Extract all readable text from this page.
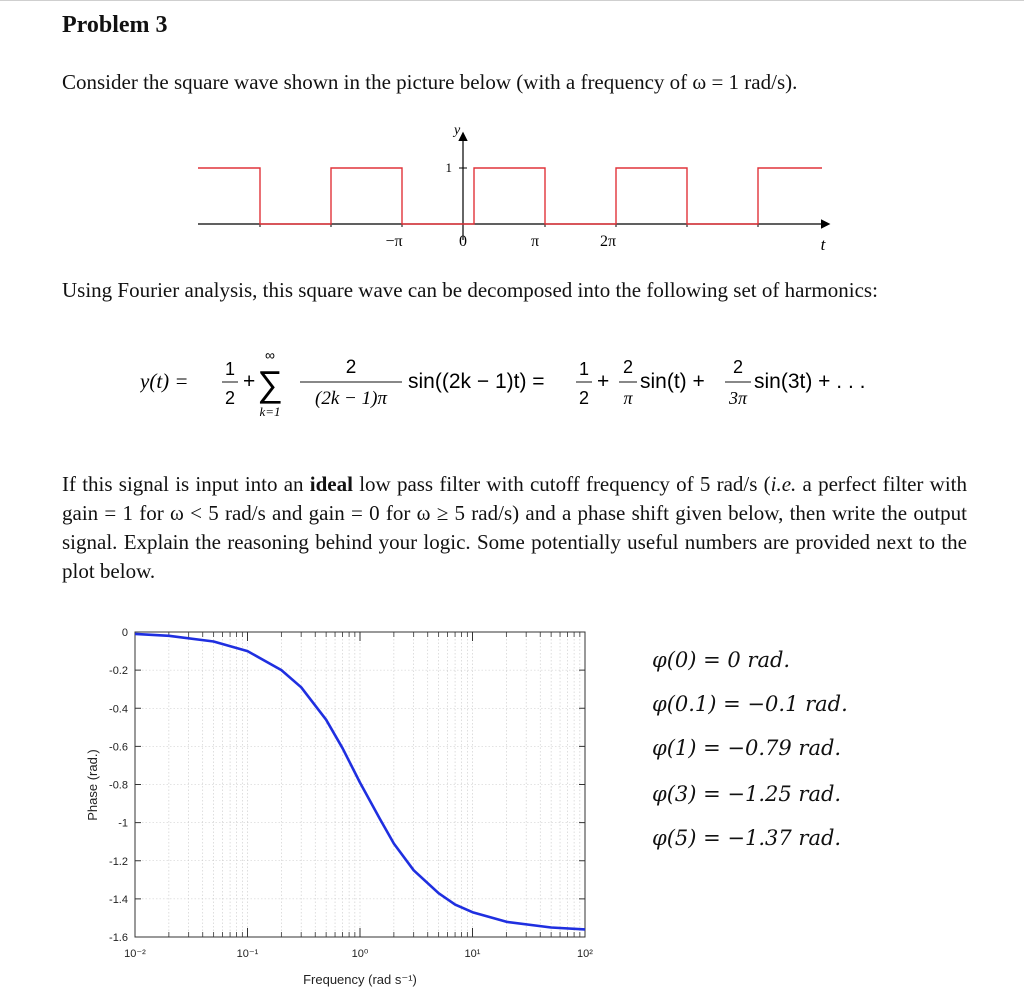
Problem 3

Consider the square wave shown in the picture below (with a frequency of ω = 1 rad/s).

y
1
−π	0	π	2π	t

Using Fourier analysis, this square wave can be decomposed into the following set of harmonics:

y(t) = 1
2
+
∞
∑
k=1
2
(2k − 1)π
sin((2k − 1)t) =
1
2
+
2
π
sin(t) +
2
3π
sin(3t) + . . .

If this signal is input into an ideal low pass filter with cutoff frequency of 5 rad/s (i.e. a perfect filter with gain = 1 for ω < 5 rad/s and gain = 0 for ω ≥ 5 rad/s) and a phase shift given below, then write the output signal. Explain the reasoning behind your logic. Some potentially useful numbers are provided next to the plot below.

0
-0.2
-0.4
-0.6
-0.8
-1
-1.2
-1.4
-1.6
10⁻²	10⁻¹	10⁰	10¹	10²
Frequency (rad s⁻¹)
Phase (rad.)
φ(0) = 0 rad.
φ(0.1) = −0.1 rad.
φ(1) = −0.79 rad.
φ(3) = −1.25 rad.
φ(5) = −1.37 rad.
